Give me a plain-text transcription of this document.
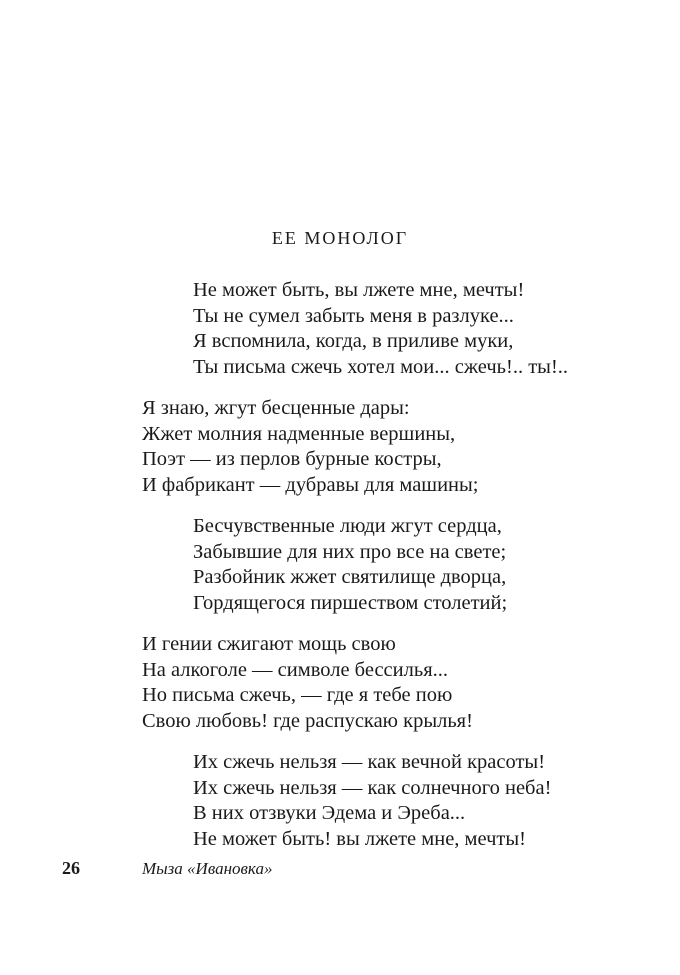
ЕЕ МОНОЛОГ
Не может быть, вы лжете мне, мечты!
Ты не сумел забыть меня в разлуке...
Я вспомнила, когда, в приливе муки,
Ты письма сжечь хотел мои... сжечь!.. ты!..
Я знаю, жгут бесценные дары:
Жжет молния надменные вершины,
Поэт — из перлов бурные костры,
И фабрикант — дубравы для машины;
Бесчувственные люди жгут сердца,
Забывшие для них про все на свете;
Разбойник жжет святилище дворца,
Гордящегося пиршеством столетий;
И гении сжигают мощь свою
На алкоголе — символе бессилья...
Но письма сжечь, — где я тебе пою
Свою любовь! где распускаю крылья!
Их сжечь нельзя — как вечной красоты!
Их сжечь нельзя — как солнечного неба!
В них отзвуки Эдема и Эреба...
Не может быть! вы лжете мне, мечты!
26	Мыза «Ивановка»
